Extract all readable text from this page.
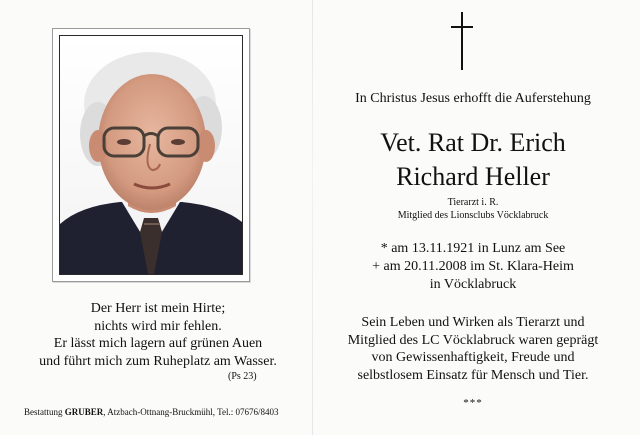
Der Herr ist mein Hirte;
nichts wird mir fehlen.
Er lässt mich lagern auf grünen Auen
und führt mich zum Ruheplatz am Wasser.
(Ps 23)
Bestattung GRUBER, Atzbach-Ottnang-Bruckmühl, Tel.: 07676/8403
In Christus Jesus erhofft die Auferstehung
Vet. Rat Dr. Erich
Richard Heller
Tierarzt i. R.
Mitglied des Lionsclubs Vöcklabruck
* am 13.11.1921 in Lunz am See
+ am 20.11.2008 im St. Klara-Heim
in Vöcklabruck
Sein Leben und Wirken als Tierarzt und
Mitglied des LC Vöcklabruck waren geprägt
von Gewissenhaftigkeit, Freude und
selbstlosem Einsatz für Mensch und Tier.
***
